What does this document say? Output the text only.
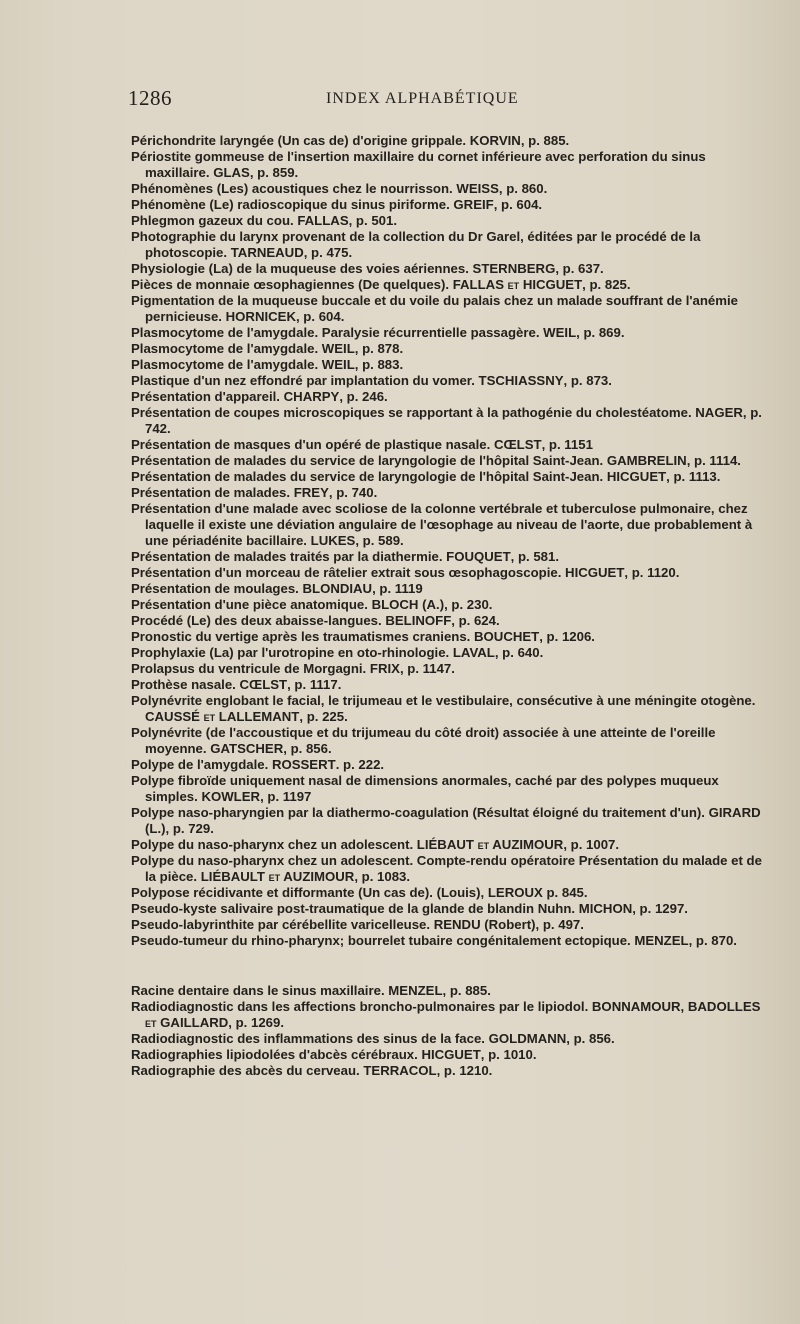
1286	INDEX ALPHABÉTIQUE

Périchondrite laryngée (Un cas de) d'origine grippale. KORVIN, p. 885.

Périostite gommeuse de l'insertion maxillaire du cornet inférieure avec perforation du sinus maxillaire. GLAS, p. 859.

Phénomènes (Les) acoustiques chez le nourrisson. WEISS, p. 860.

Phénomène (Le) radioscopique du sinus piriforme. GREIF, p. 604.

Phlegmon gazeux du cou. FALLAS, p. 501.

Photographie du larynx provenant de la collection du Dr Garel, éditées par le procédé de la photoscopie. TARNEAUD, p. 475.

Physiologie (La) de la muqueuse des voies aériennes. STERNBERG, p. 637.

Pièces de monnaie œsophagiennes (De quelques). FALLAS et HICGUET, p. 825.

Pigmentation de la muqueuse buccale et du voile du palais chez un malade souffrant de l'anémie pernicieuse. HORNICEK, p. 604.

Plasmocytome de l'amygdale. Paralysie récurrentielle passagère. WEIL, p. 869.

Plasmocytome de l'amygdale. WEIL, p. 878.

Plasmocytome de l'amygdale. WEIL, p. 883.

Plastique d'un nez effondré par implantation du vomer. TSCHIASSNY, p. 873.

Présentation d'appareil. CHARPY, p. 246.

Présentation de coupes microscopiques se rapportant à la pathogénie du cholestéatome. NAGER, p. 742.

Présentation de masques d'un opéré de plastique nasale. CŒLST, p. 1151

Présentation de malades du service de laryngologie de l'hôpital Saint-Jean. GAMBRELIN, p. 1114.

Présentation de malades du service de laryngologie de l'hôpital Saint-Jean. HICGUET, p. 1113.

Présentation de malades. FREY, p. 740.

Présentation d'une malade avec scoliose de la colonne vertébrale et tuberculose pulmonaire, chez laquelle il existe une déviation angulaire de l'œsophage au niveau de l'aorte, due probablement à une périadénite bacillaire. LUKES, p. 589.

Présentation de malades traités par la diathermie. FOUQUET, p. 581.

Présentation d'un morceau de râtelier extrait sous œsophagoscopie. HICGUET, p. 1120.

Présentation de moulages. BLONDIAU, p. 1119

Présentation d'une pièce anatomique. BLOCH (A.), p. 230.

Procédé (Le) des deux abaisse-langues. BELINOFF, p. 624.

Pronostic du vertige après les traumatismes craniens. BOUCHET, p. 1206.

Prophylaxie (La) par l'urotropine en oto-rhinologie. LAVAL, p. 640.

Prolapsus du ventricule de Morgagni. FRIX, p. 1147.

Prothèse nasale. CŒLST, p. 1117.

Polynévrite englobant le facial, le trijumeau et le vestibulaire, consécutive à une méningite otogène. CAUSSÉ et LALLEMANT, p. 225.

Polynévrite (de l'accoustique et du trijumeau du côté droit) associée à une atteinte de l'oreille moyenne. GATSCHER, p. 856.

Polype de l'amygdale. ROSSERT. p. 222.

Polype fibroïde uniquement nasal de dimensions anormales, caché par des polypes muqueux simples. KOWLER, p. 1197

Polype naso-pharyngien par la diathermo-coagulation (Résultat éloigné du traitement d'un). GIRARD (L.), p. 729.

Polype du naso-pharynx chez un adolescent. LIÉBAUT et AUZIMOUR, p. 1007.

Polype du naso-pharynx chez un adolescent. Compte-rendu opératoire Présentation du malade et de la pièce. LIÉBAULT et AUZIMOUR, p. 1083.

Polypose récidivante et difformante (Un cas de). (Louis), LEROUX p. 845.

Pseudo-kyste salivaire post-traumatique de la glande de blandin Nuhn. MICHON, p. 1297.

Pseudo-labyrinthite par cérébellite varicelleuse. RENDU (Robert), p. 497.

Pseudo-tumeur du rhino-pharynx; bourrelet tubaire congénitalement ectopique. MENZEL, p. 870.

Racine dentaire dans le sinus maxillaire. MENZEL, p. 885.

Radiodiagnostic dans les affections broncho-pulmonaires par le lipiodol. BONNAMOUR, BADOLLES et GAILLARD, p. 1269.

Radiodiagnostic des inflammations des sinus de la face. GOLDMANN, p. 856.

Radiographies lipiodolées d'abcès cérébraux. HICGUET, p. 1010.

Radiographie des abcès du cerveau. TERRACOL, p. 1210.
